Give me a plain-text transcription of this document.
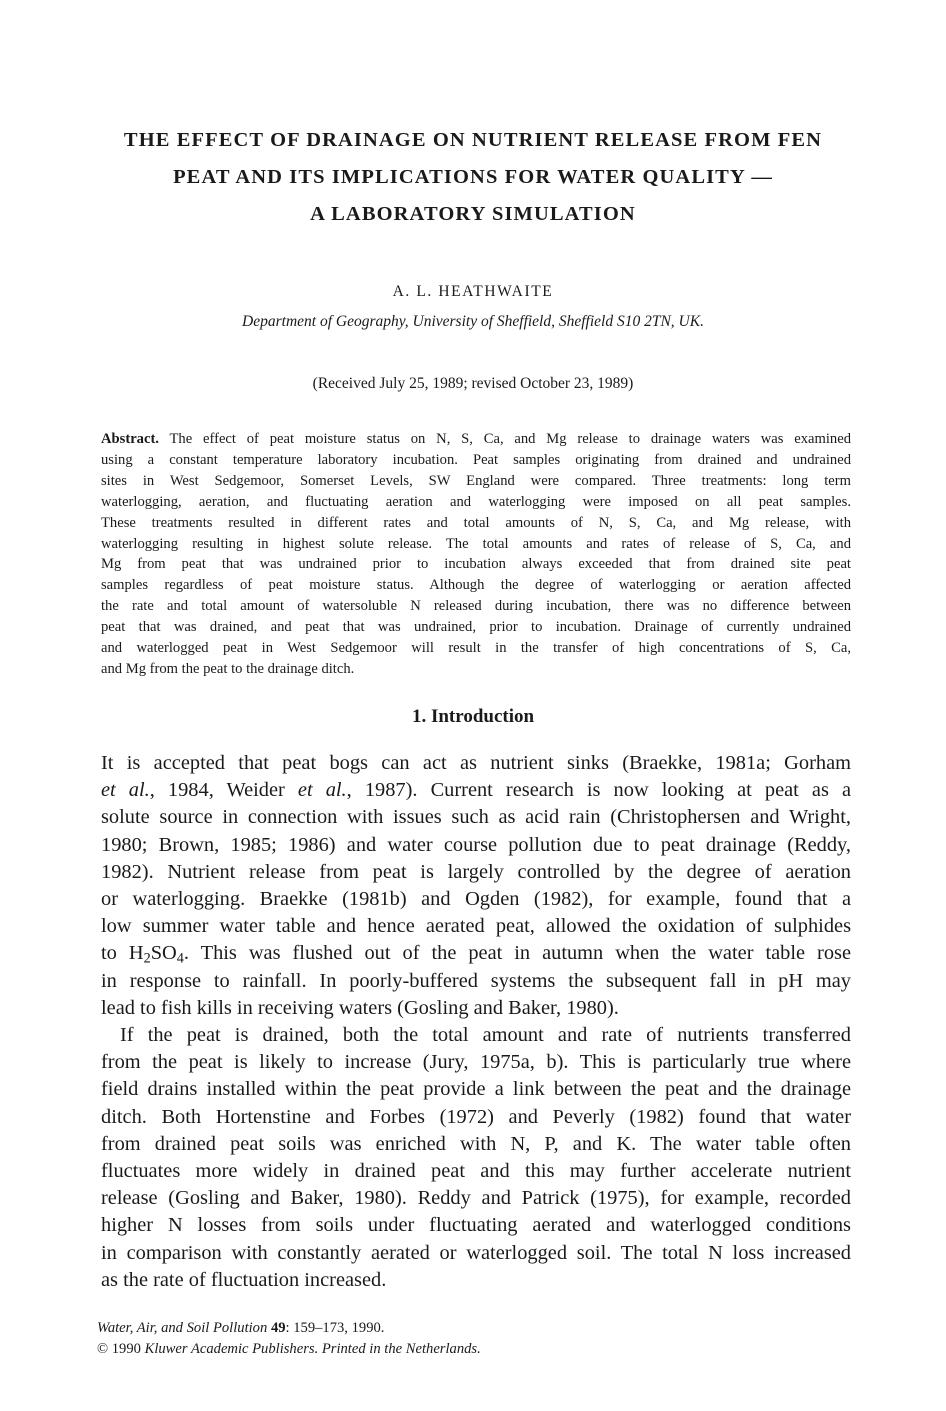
THE EFFECT OF DRAINAGE ON NUTRIENT RELEASE FROM FEN
PEAT AND ITS IMPLICATIONS FOR WATER QUALITY —
A LABORATORY SIMULATION
A. L. HEATHWAITE
Department of Geography, University of Sheffield, Sheffield S10 2TN, UK.
(Received July 25, 1989; revised October 23, 1989)
Abstract. The effect of peat moisture status on N, S, Ca, and Mg release to drainage waters was examined
using a constant temperature laboratory incubation. Peat samples originating from drained and undrained
sites in West Sedgemoor, Somerset Levels, SW England were compared. Three treatments: long term
waterlogging, aeration, and fluctuating aeration and waterlogging were imposed on all peat samples.
These treatments resulted in different rates and total amounts of N, S, Ca, and Mg release, with
waterlogging resulting in highest solute release. The total amounts and rates of release of S, Ca, and
Mg from peat that was undrained prior to incubation always exceeded that from drained site peat
samples regardless of peat moisture status. Although the degree of waterlogging or aeration affected
the rate and total amount of watersoluble N released during incubation, there was no difference between
peat that was drained, and peat that was undrained, prior to incubation. Drainage of currently undrained
and waterlogged peat in West Sedgemoor will result in the transfer of high concentrations of S, Ca,
and Mg from the peat to the drainage ditch.
1. Introduction
It is accepted that peat bogs can act as nutrient sinks (Braekke, 1981a; Gorham
et al., 1984, Weider et al., 1987). Current research is now looking at peat as a
solute source in connection with issues such as acid rain (Christophersen and Wright,
1980; Brown, 1985; 1986) and water course pollution due to peat drainage (Reddy,
1982). Nutrient release from peat is largely controlled by the degree of aeration
or waterlogging. Braekke (1981b) and Ogden (1982), for example, found that a
low summer water table and hence aerated peat, allowed the oxidation of sulphides
to $H_2SO_4$. This was flushed out of the peat in autumn when the water table rose
in response to rainfall. In poorly-buffered systems the subsequent fall in pH may
lead to fish kills in receiving waters (Gosling and Baker, 1980).
If the peat is drained, both the total amount and rate of nutrients transferred
from the peat is likely to increase (Jury, 1975a, b). This is particularly true where
field drains installed within the peat provide a link between the peat and the drainage
ditch. Both Hortenstine and Forbes (1972) and Peverly (1982) found that water
from drained peat soils was enriched with N, P, and K. The water table often
fluctuates more widely in drained peat and this may further accelerate nutrient
release (Gosling and Baker, 1980). Reddy and Patrick (1975), for example, recorded
higher N losses from soils under fluctuating aerated and waterlogged conditions
in comparison with constantly aerated or waterlogged soil. The total N loss increased
as the rate of fluctuation increased.
Water, Air, and Soil Pollution 49: 159–173, 1990.
© 1990 Kluwer Academic Publishers. Printed in the Netherlands.
